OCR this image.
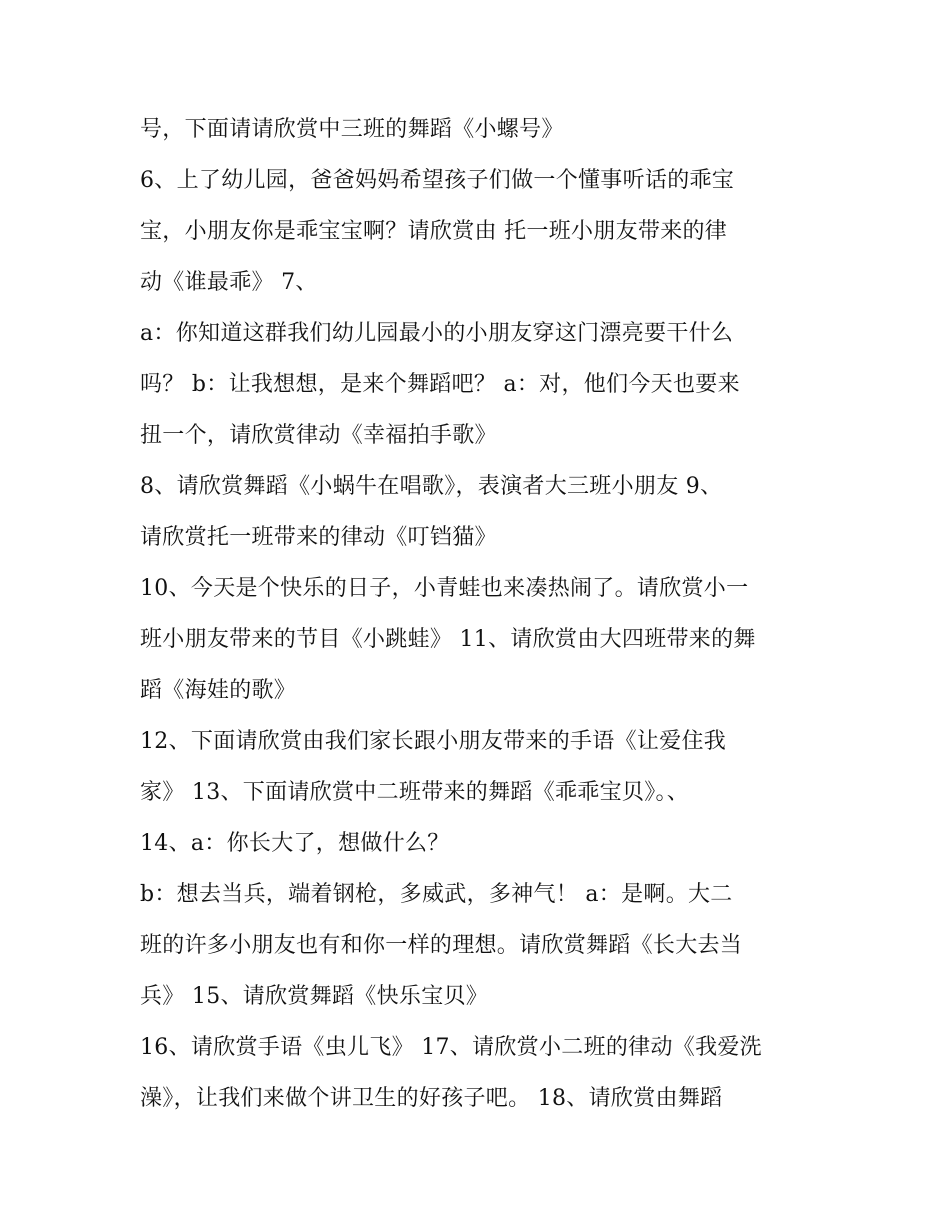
号，下面请请欣赏中三班的舞蹈《小螺号》
6、上了幼儿园，爸爸妈妈希望孩子们做一个懂事听话的乖宝
宝，小朋友你是乖宝宝啊？请欣赏由 托一班小朋友带来的律
动《谁最乖》 7、
a：你知道这群我们幼儿园最小的小朋友穿这门漂亮要干什么
吗？ b：让我想想，是来个舞蹈吧？ a：对，他们今天也要来
扭一个，请欣赏律动《幸福拍手歌》
8、请欣赏舞蹈《小蜗牛在唱歌》，表演者大三班小朋友 9、
请欣赏托一班带来的律动《叮铛猫》
10、今天是个快乐的日子，小青蛙也来凑热闹了。请欣赏小一
班小朋友带来的节目《小跳蛙》 11、请欣赏由大四班带来的舞
蹈《海娃的歌》
12、下面请欣赏由我们家长跟小朋友带来的手语《让爱住我
家》 13、下面请欣赏中二班带来的舞蹈《乖乖宝贝》。、
14、a：你长大了，想做什么？
b：想去当兵，端着钢枪，多威武，多神气！ a：是啊。大二
班的许多小朋友也有和你一样的理想。请欣赏舞蹈《长大去当
兵》 15、请欣赏舞蹈《快乐宝贝》
16、请欣赏手语《虫儿飞》 17、请欣赏小二班的律动《我爱洗
澡》，让我们来做个讲卫生的好孩子吧。 18、请欣赏由舞蹈
